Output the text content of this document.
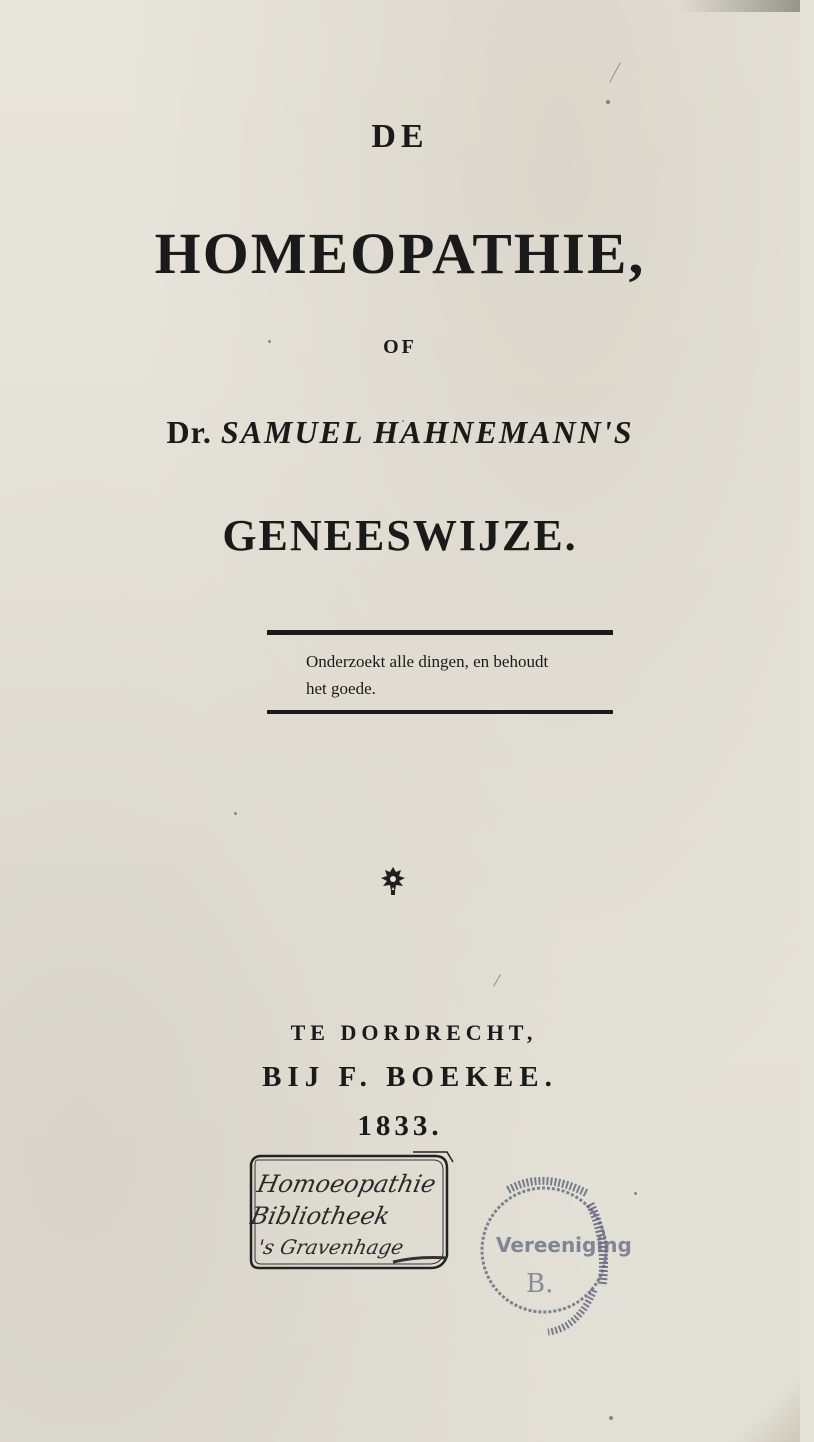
DE
HOMEOPATHIE,

OF

Dr. SAMUEL HAHNEMANN'S

GENEESWIJZE.

Onderzoekt alle dingen, en behoudt

het goede.

TE DORDRECHT,

BIJ F. BOEKEE.

1833.

Homoeopathie
Bibliotheek
's Gravenhage	Vereeniging
B.
